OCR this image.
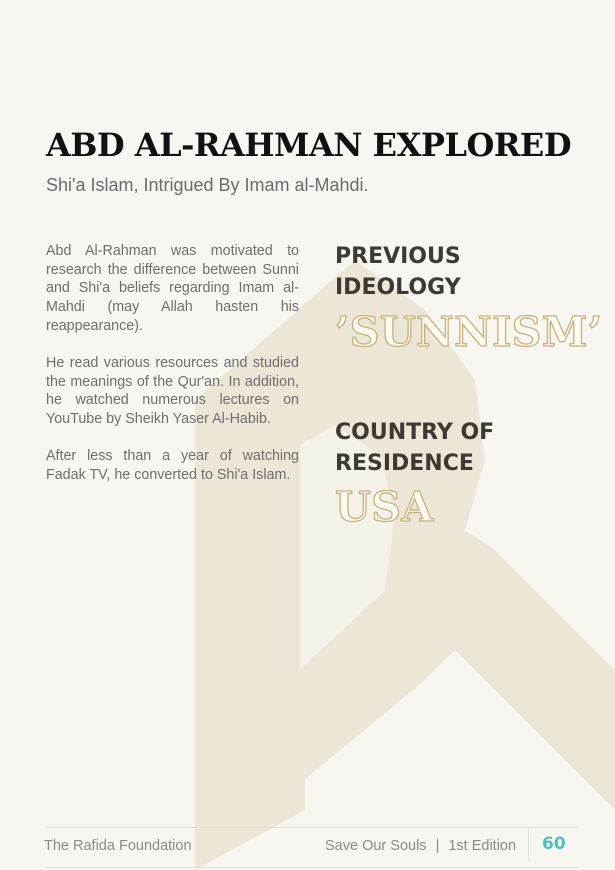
ABD AL-RAHMAN EXPLORED
Shi'a Islam, Intrigued By Imam al-Mahdi.

Abd Al-Rahman was motivated to research the difference between Sunni and Shi'a beliefs regarding Imam al-Mahdi (may Allah hasten his reappearance).

He read various resources and studied the meanings of the Qur'an. In addition, he watched numerous lectures on YouTube by Sheikh Yaser Al-Habib.

After less than a year of watching Fadak TV, he converted to Shi'a Islam.

PREVIOUS IDEOLOGY
’SUNNISM’
COUNTRY OF RESIDENCE
USA
The Rafida Foundation	Save Our Souls | 1st Edition 60
